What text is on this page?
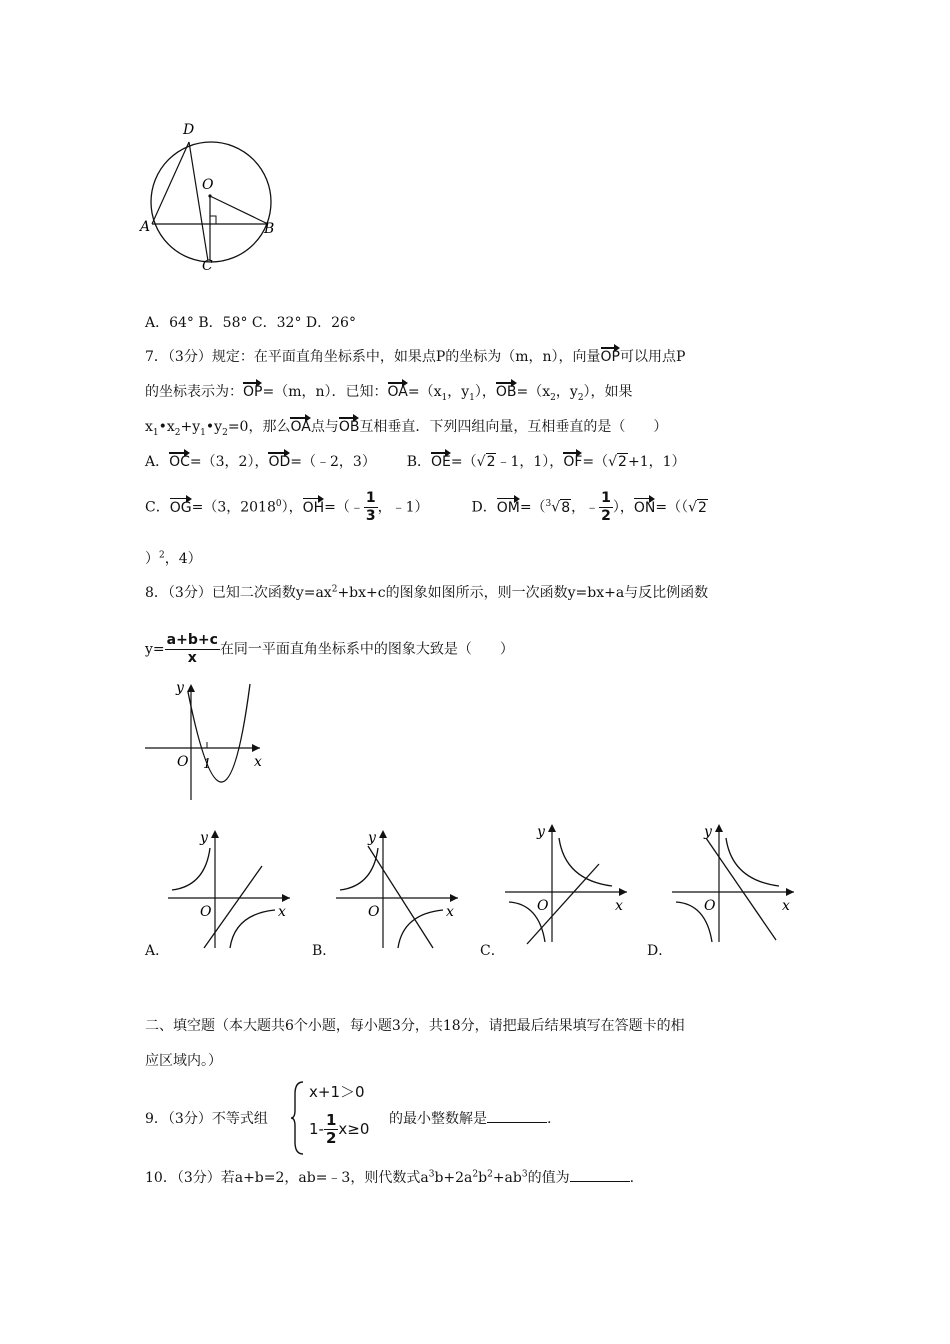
D
O
A	B
C
A．64° B．58° C．32° D．26°
7．（3分）规定：在平面直角坐标系中，如果点P的坐标为（m，n），向量OP可以用点P
的坐标表示为：OP=（m，n）．已知：$OA=(x_1$，$y_1$），$OB=(x_2$，$y_2$），如果
$x_1•x_2+y_1•y_2=0$，那么OA点与OB互相垂直．下列四组向量，互相垂直的是（　　）
A．OC=（3，2），OD=（﹣2，3） B．OE=（√2﹣1，1），OF=（√2+1，1）
C．OG=（3，2018$^0$），OH=（﹣ $\frac{1}{3}$ ，﹣1）	D．OM=（$^3$√8，﹣ $\frac{1}{2}$ ），ON=（（√2
）$^2$，4）
8．（3分）已知二次函数$y=ax^2+bx+c$的图象如图所示，则一次函数y=bx+a与反比例函数
$y= \frac{a+b+c}{x}$ 在同一平面直角坐标系中的图象大致是（　　）
y
x
O 1
y
x
O
y
x
O
y
x
O
y
x
O
A．	B．	C．	D．
二、填空题（本大题共6个小题，每小题3分，共18分，请把最后结果填写在答题卡的相
应区域内。）
9．（3分）不等式组
x+1＞0
$1- \frac{1}{2} x\ge 0$
的最小整数解是	.
10．（3分）若a+b=2，ab=﹣3，则代数式$a^3b+2a^2b^2+ab^3$的值为	.
